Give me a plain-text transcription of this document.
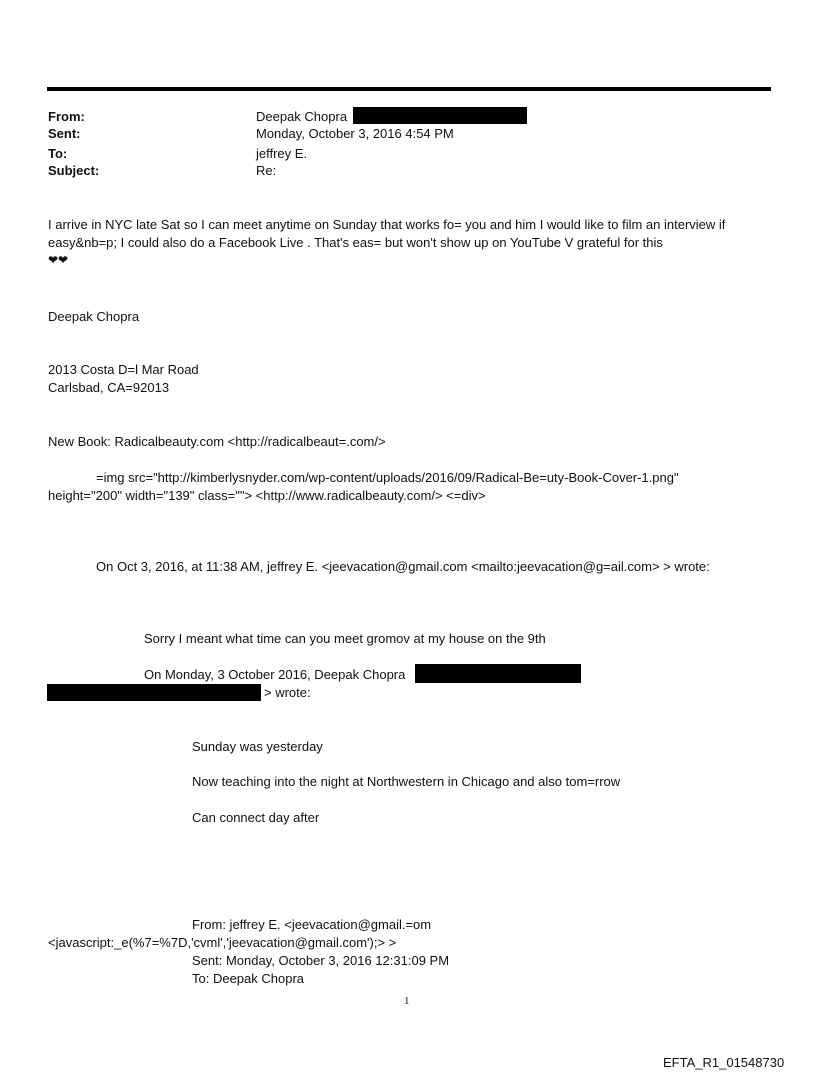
From:
Sent:
To:
Subject:
Deepak Chopra
Monday, October 3, 2016 4:54 PM
jeffrey E.
Re:
I arrive in NYC late Sat so I can meet anytime on Sunday that works fo= you and him I would like to film an interview if
easy&nb=p; I could also do a Facebook Live . That's eas= but won't show up on YouTube V grateful for this
❤❤
Deepak Chopra
2013 Costa D=l Mar Road
Carlsbad, CA=92013
New Book: Radicalbeauty.com <http://radicalbeaut=.com/>
=img src="http://kimberlysnyder.com/wp-content/uploads/2016/09/Radical-Be=uty-Book-Cover-1.png"
height="200" width="139" class=""> <http://www.radicalbeauty.com/> <=div>
On Oct 3, 2016, at 11:38 AM, jeffrey E. <jeevacation@gmail.com <mailto:jeevacation@g=ail.com> > wrote:
Sorry I meant what time can you meet gromov at my house on the 9th
On Monday, 3 October 2016, Deepak Chopra
> wrote:
Sunday was yesterday
Now teaching into the night at Northwestern in Chicago and also tom=rrow
Can connect day after
From: jeffrey E. <jeevacation@gmail.=om
<javascript:_e(%7=%7D,'cvml','jeevacation@gmail.com');> >
Sent: Monday, October 3, 2016 12:31:09 PM
To: Deepak Chopra
1
EFTA_R1_01548730
